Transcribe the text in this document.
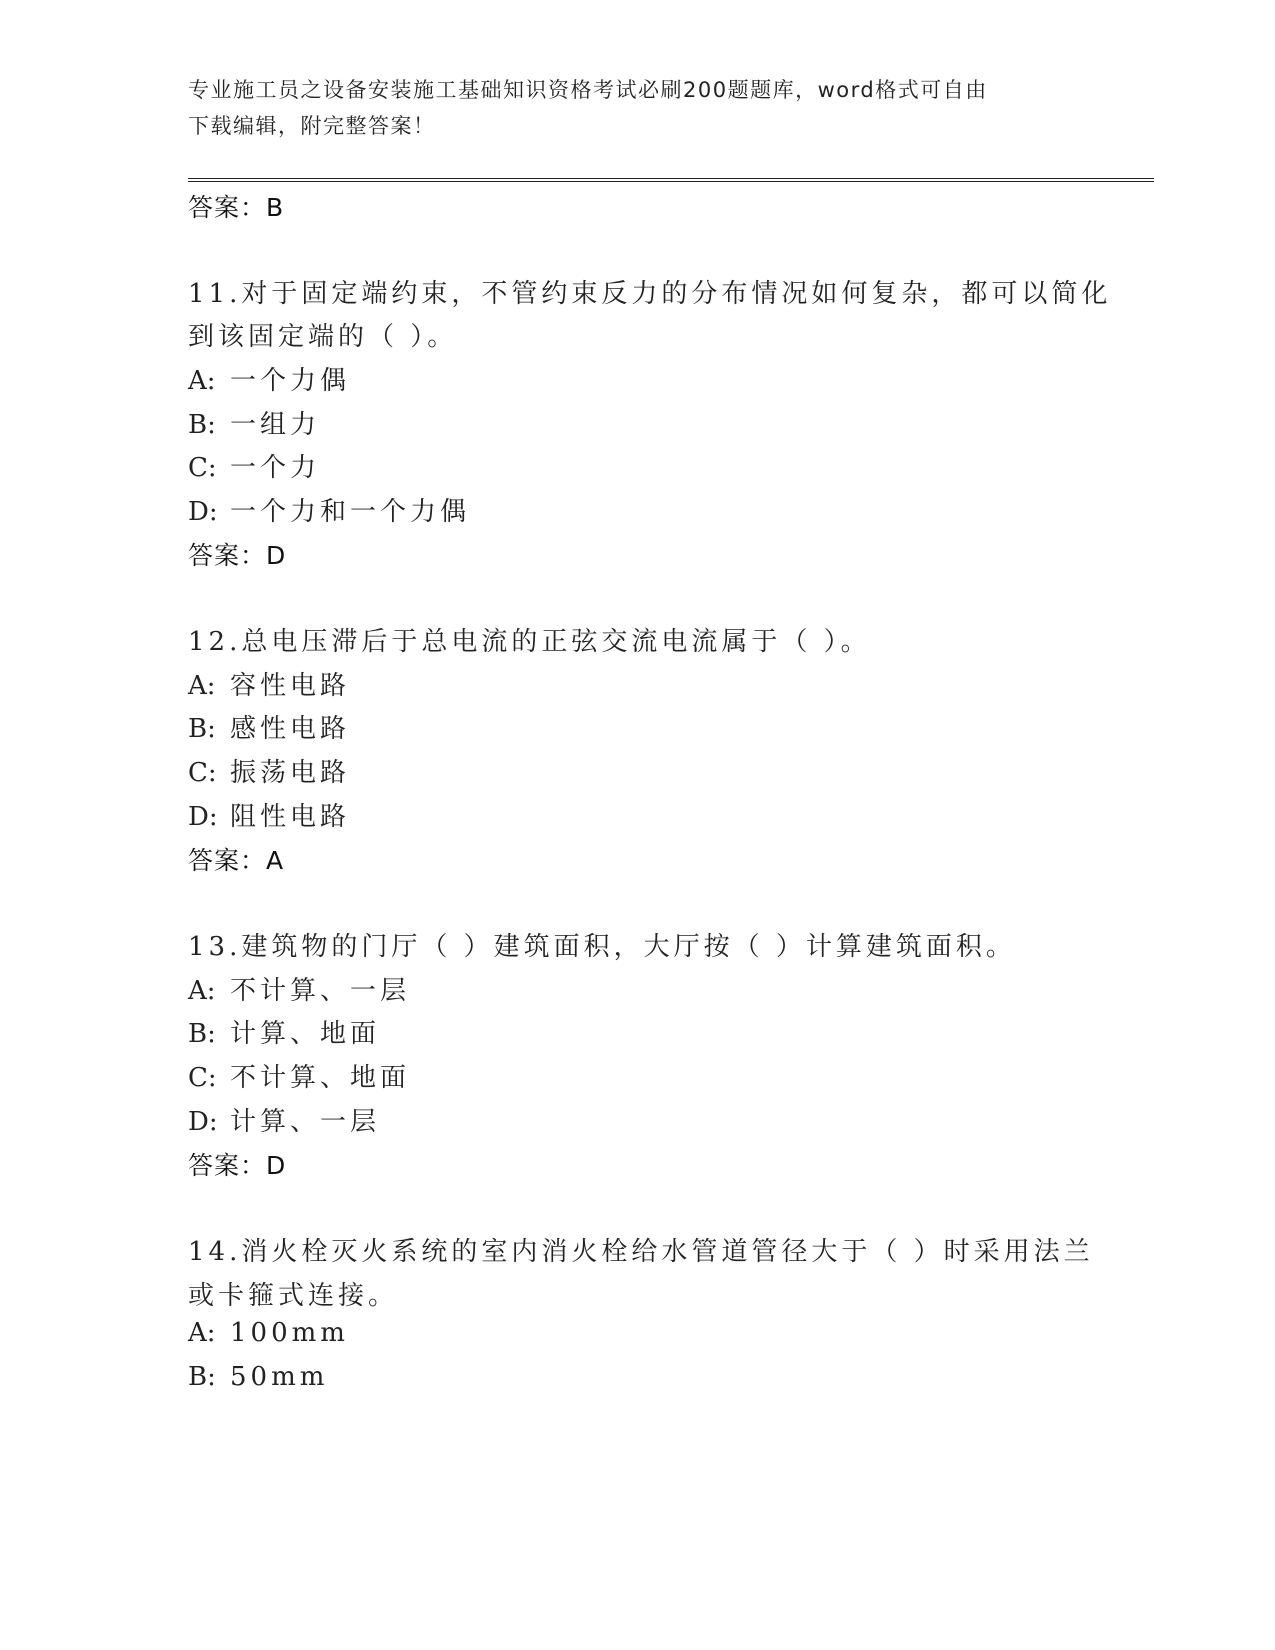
专业施工员之设备安装施工基础知识资格考试必刷200题题库，word格式可自由
下载编辑，附完整答案！
答案：B
11.对于固定端约束，不管约束反力的分布情况如何复杂，都可以简化
到该固定端的（ ）。
A: 一个力偶
B: 一组力
C: 一个力
D: 一个力和一个力偶
答案：D
12.总电压滞后于总电流的正弦交流电流属于（ ）。
A: 容性电路
B: 感性电路
C: 振荡电路
D: 阻性电路
答案：A
13.建筑物的门厅（ ）建筑面积，大厅按（ ）计算建筑面积。
A: 不计算、一层
B: 计算、地面
C: 不计算、地面
D: 计算、一层
答案：D
14.消火栓灭火系统的室内消火栓给水管道管径大于（ ）时采用法兰
或卡箍式连接。
A: 100mm
B: 50mm
